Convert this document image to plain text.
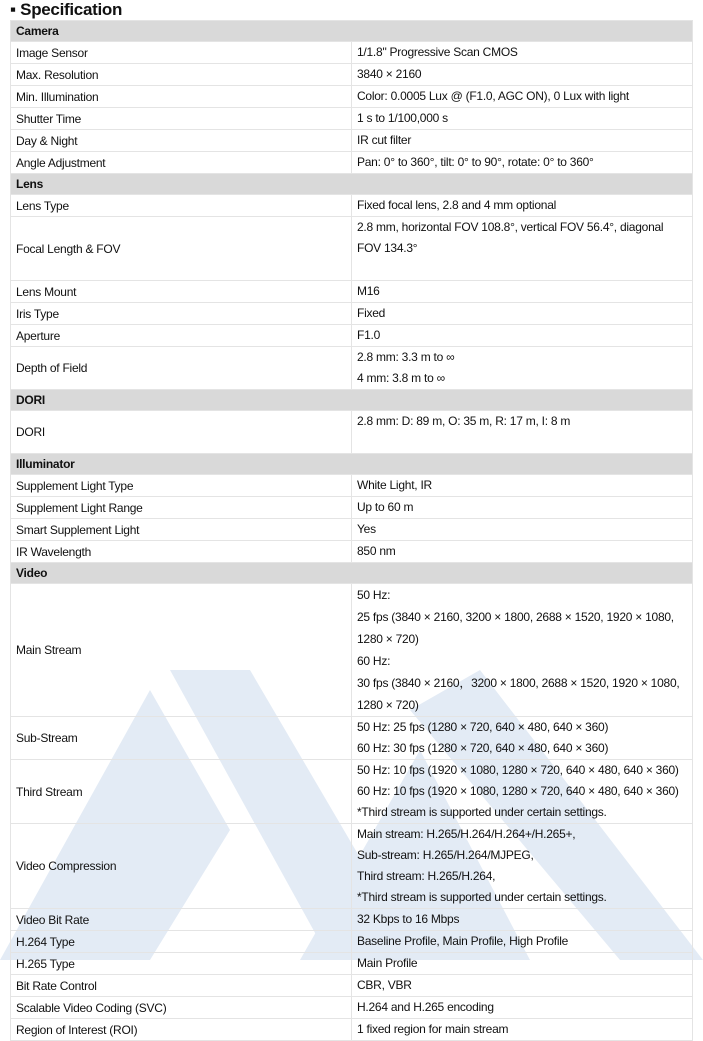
▪ Specification
Camera	
Image Sensor	1/1.8" Progressive Scan CMOS

Max. Resolution	3840 × 2160

Min. Illumination	Color: 0.0005 Lux @ (F1.0, AGC ON), 0 Lux with light

Shutter Time	1 s to 1/100,000 s

Day & Night	IR cut filter

Angle Adjustment	Pan: 0° to 360°, tilt: 0° to 90°, rotate: 0° to 360°

Lens	
Lens Type	Fixed focal lens, 2.8 and 4 mm optional

Focal Length & FOV	2.8 mm, horizontal FOV 108.8°, vertical FOV 56.4°, diagonal FOV 134.3°

Lens Mount	M16

Iris Type	Fixed

Aperture	F1.0

Depth of Field	2.8 mm: 3.3 m to ∞
4 mm: 3.8 m to ∞

DORI	
DORI	2.8 mm: D: 89 m, O: 35 m, R: 17 m, I: 8 m

Illuminator	
Supplement Light Type	White Light, IR

Supplement Light Range	Up to 60 m

Smart Supplement Light	Yes

IR Wavelength	850 nm

Video	
Main Stream	50 Hz:
25 fps (3840 × 2160, 3200 × 1800, 2688 × 1520, 1920 × 1080, 1280 × 720)
60 Hz:
30 fps (3840 × 2160，3200 × 1800, 2688 × 1520, 1920 × 1080, 1280 × 720)

Sub-Stream	50 Hz: 25 fps (1280 × 720, 640 × 480, 640 × 360)
60 Hz: 30 fps (1280 × 720, 640 × 480, 640 × 360)

Third Stream	50 Hz: 10 fps (1920 × 1080, 1280 × 720, 640 × 480, 640 × 360)
60 Hz: 10 fps (1920 × 1080, 1280 × 720, 640 × 480, 640 × 360)
*Third stream is supported under certain settings.

Video Compression	Main stream: H.265/H.264/H.264+/H.265+,
Sub-stream: H.265/H.264/MJPEG,
Third stream: H.265/H.264,
*Third stream is supported under certain settings.

Video Bit Rate	32 Kbps to 16 Mbps

H.264 Type	Baseline Profile, Main Profile, High Profile

H.265 Type	Main Profile

Bit Rate Control	CBR, VBR

Scalable Video Coding (SVC)	H.264 and H.265 encoding

Region of Interest (ROI)	1 fixed region for main stream
